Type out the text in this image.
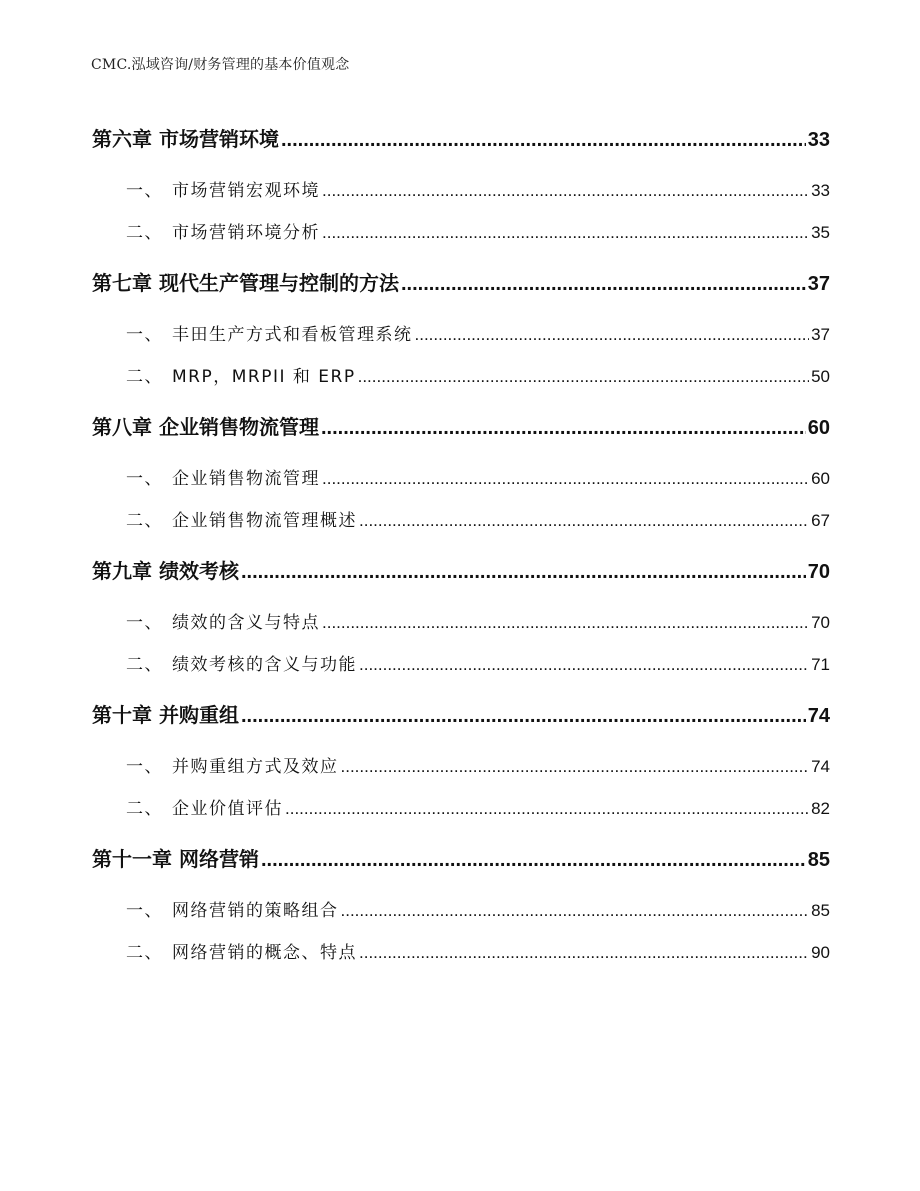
CMC.泓域咨询/财务管理的基本价值观念
第六章 市场营销环境 .....	33
一、 市场营销宏观环境 .....	33
二、 市场营销环境分析 .....	35
第七章 现代生产管理与控制的方法 .....	37
一、 丰田生产方式和看板管理系统 .....	37
二、 MRP，MRPII 和 ERP .....	50
第八章 企业销售物流管理 .....	60
一、 企业销售物流管理 .....	60
二、 企业销售物流管理概述 .....	67
第九章 绩效考核 .....	70
一、 绩效的含义与特点 .....	70
二、 绩效考核的含义与功能 .....	71
第十章 并购重组 .....	74
一、 并购重组方式及效应 .....	74
二、 企业价值评估 .....	82
第十一章 网络营销 .....	85
一、 网络营销的策略组合 .....	85
二、 网络营销的概念、特点 .....	90
